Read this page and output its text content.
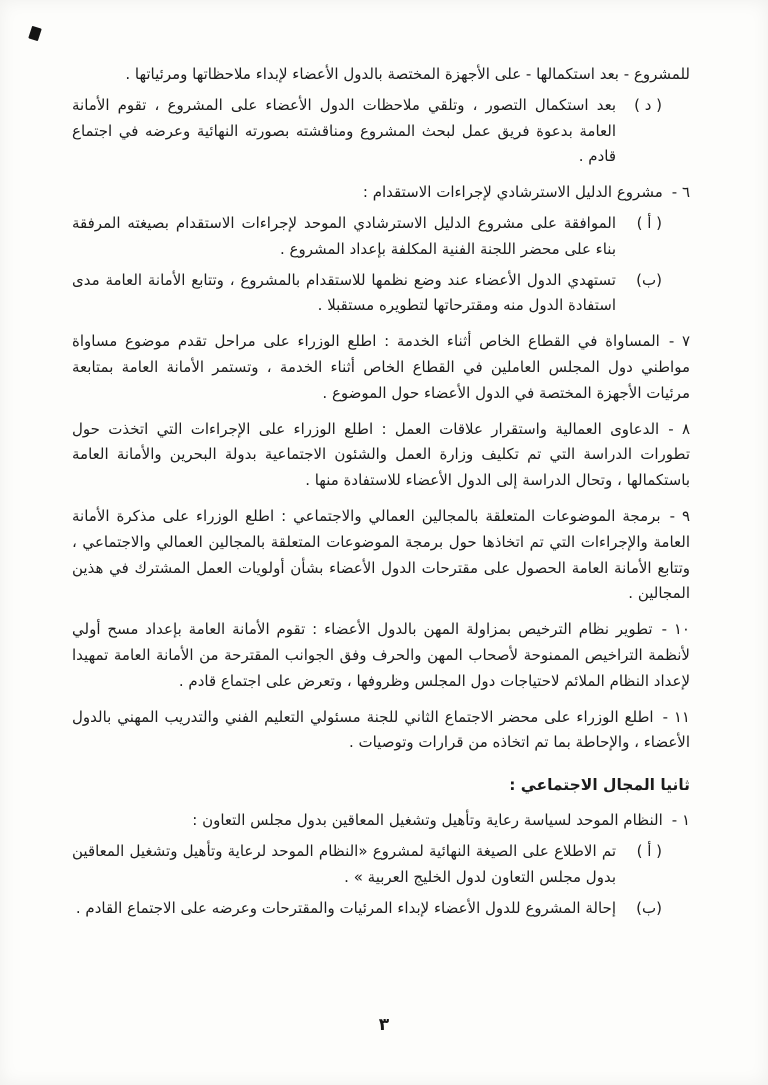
للمشروع - بعد استكمالها - على الأجهزة المختصة بالدول الأعضاء لإبداء ملاحظاتها ومرئياتها .

( د )
بعد استكمال التصور ، وتلقي ملاحظات الدول الأعضاء على المشروع ، تقوم الأمانة العامة بدعوة فريق عمل لبحث المشروع ومناقشته بصورته النهائية وعرضه في اجتماع قادم .

٦ -مشروع الدليل الاسترشادي لإجراءات الاستقدام :

( أ )
الموافقة على مشروع الدليل الاسترشادي الموحد لإجراءات الاستقدام بصيغته المرفقة بناء على محضر اللجنة الفنية المكلفة بإعداد المشروع .
(ب)
تستهدي الدول الأعضاء عند وضع نظمها للاستقدام بالمشروع ، وتتابع الأمانة العامة مدى استفادة الدول منه ومقترحاتها لتطويره مستقبلا .

٧ -المساواة في القطاع الخاص أثناء الخدمة : اطلع الوزراء على مراحل تقدم موضوع مساواة مواطني دول المجلس العاملين في القطاع الخاص أثناء الخدمة ، وتستمر الأمانة العامة بمتابعة مرئيات الأجهزة المختصة في الدول الأعضاء حول الموضوع .

٨ -الدعاوى العمالية واستقرار علاقات العمل : اطلع الوزراء على الإجراءات التي اتخذت حول تطورات الدراسة التي تم تكليف وزارة العمل والشئون الاجتماعية بدولة البحرين والأمانة العامة باستكمالها ، وتحال الدراسة إلى الدول الأعضاء للاستفادة منها .

٩ -برمجة الموضوعات المتعلقة بالمجالين العمالي والاجتماعي : اطلع الوزراء على مذكرة الأمانة العامة والإجراءات التي تم اتخاذها حول برمجة الموضوعات المتعلقة بالمجالين العمالي والاجتماعي ، وتتابع الأمانة العامة الحصول على مقترحات الدول الأعضاء بشأن أولويات العمل المشترك في هذين المجالين .

١٠ -تطوير نظام الترخيص بمزاولة المهن بالدول الأعضاء : تقوم الأمانة العامة بإعداد مسح أولي لأنظمة التراخيص الممنوحة لأصحاب المهن والحرف وفق الجوانب المقترحة من الأمانة العامة تمهيدا لإعداد النظام الملائم لاحتياجات دول المجلس وظروفها ، وتعرض على اجتماع قادم .

١١ -اطلع الوزراء على محضر الاجتماع الثاني للجنة مسئولي التعليم الفني والتدريب المهني بالدول الأعضاء ، والإحاطة بما تم اتخاذه من قرارات وتوصيات .

ثانيا المجال الاجتماعي :

١ -النظام الموحد لسياسة رعاية وتأهيل وتشغيل المعاقين بدول مجلس التعاون :

( أ )
تم الاطلاع على الصيغة النهائية لمشروع «النظام الموحد لرعاية وتأهيل وتشغيل المعاقين بدول مجلس التعاون لدول الخليج العربية » .
(ب)
إحالة المشروع للدول الأعضاء لإبداء المرئيات والمقترحات وعرضه على الاجتماع القادم .
٣
